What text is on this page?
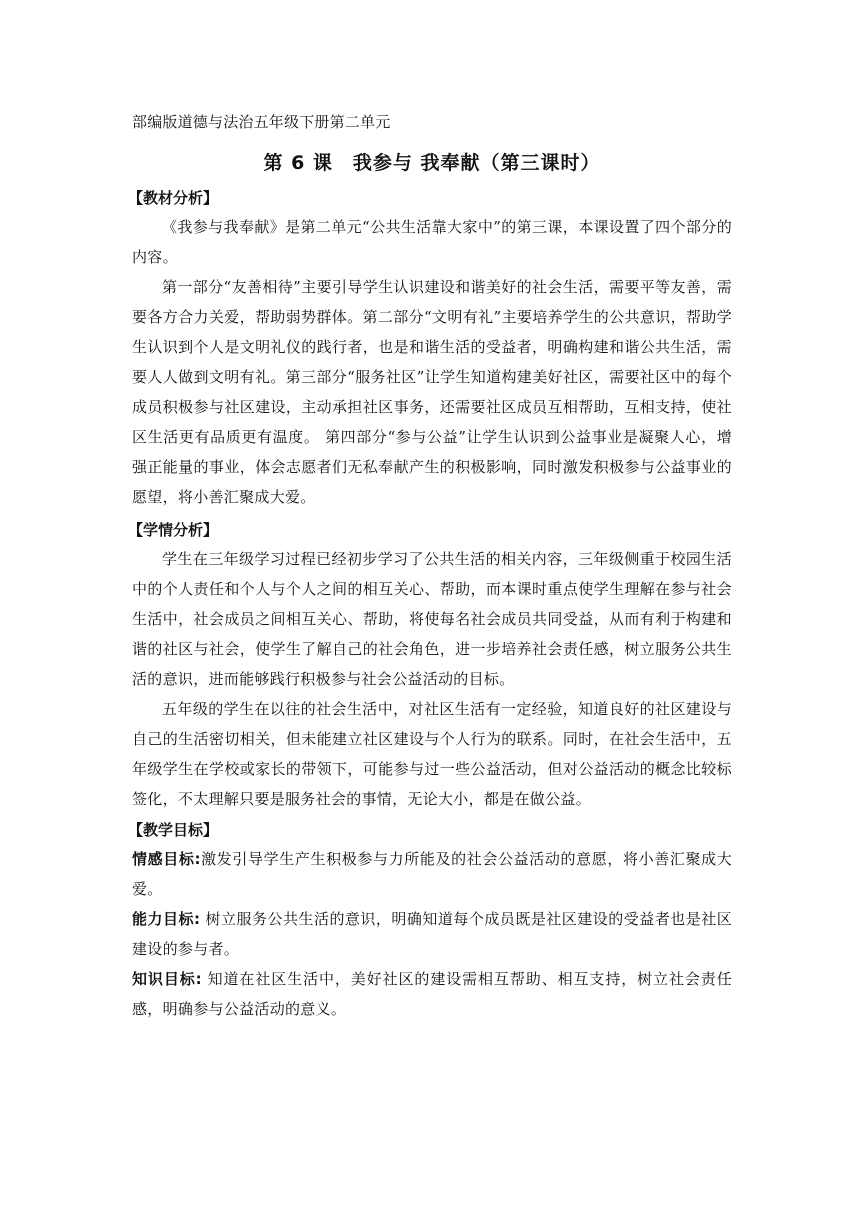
部编版道德与法治五年级下册第二单元
第 6 课　我参与 我奉献（第三课时）
【教材分析】

《我参与我奉献》是第二单元“公共生活靠大家中”的第三课，本课设置了四个部分的内容。

第一部分“友善相待”主要引导学生认识建设和谐美好的社会生活，需要平等友善，需要各方合力关爱，帮助弱势群体。第二部分“文明有礼”主要培养学生的公共意识，帮助学生认识到个人是文明礼仪的践行者，也是和谐生活的受益者，明确构建和谐公共生活，需要人人做到文明有礼。第三部分“服务社区”让学生知道构建美好社区，需要社区中的每个成员积极参与社区建设，主动承担社区事务，还需要社区成员互相帮助，互相支持，使社区生活更有品质更有温度。 第四部分“参与公益”让学生认识到公益事业是凝聚人心，增强正能量的事业，体会志愿者们无私奉献产生的积极影响，同时激发积极参与公益事业的愿望，将小善汇聚成大爱。

【学情分析】

学生在三年级学习过程已经初步学习了公共生活的相关内容，三年级侧重于校园生活中的个人责任和个人与个人之间的相互关心、帮助，而本课时重点使学生理解在参与社会生活中，社会成员之间相互关心、帮助，将使每名社会成员共同受益，从而有利于构建和谐的社区与社会，使学生了解自己的社会角色，进一步培养社会责任感，树立服务公共生活的意识，进而能够践行积极参与社会公益活动的目标。

五年级的学生在以往的社会生活中，对社区生活有一定经验，知道良好的社区建设与自己的生活密切相关，但未能建立社区建设与个人行为的联系。同时，在社会生活中，五年级学生在学校或家长的带领下，可能参与过一些公益活动，但对公益活动的概念比较标签化，不太理解只要是服务社会的事情，无论大小，都是在做公益。

【教学目标】

情感目标:激发引导学生产生积极参与力所能及的社会公益活动的意愿，将小善汇聚成大爱。

能力目标: 树立服务公共生活的意识，明确知道每个成员既是社区建设的受益者也是社区建设的参与者。

知识目标: 知道在社区生活中，美好社区的建设需相互帮助、相互支持，树立社会责任感，明确参与公益活动的意义。
